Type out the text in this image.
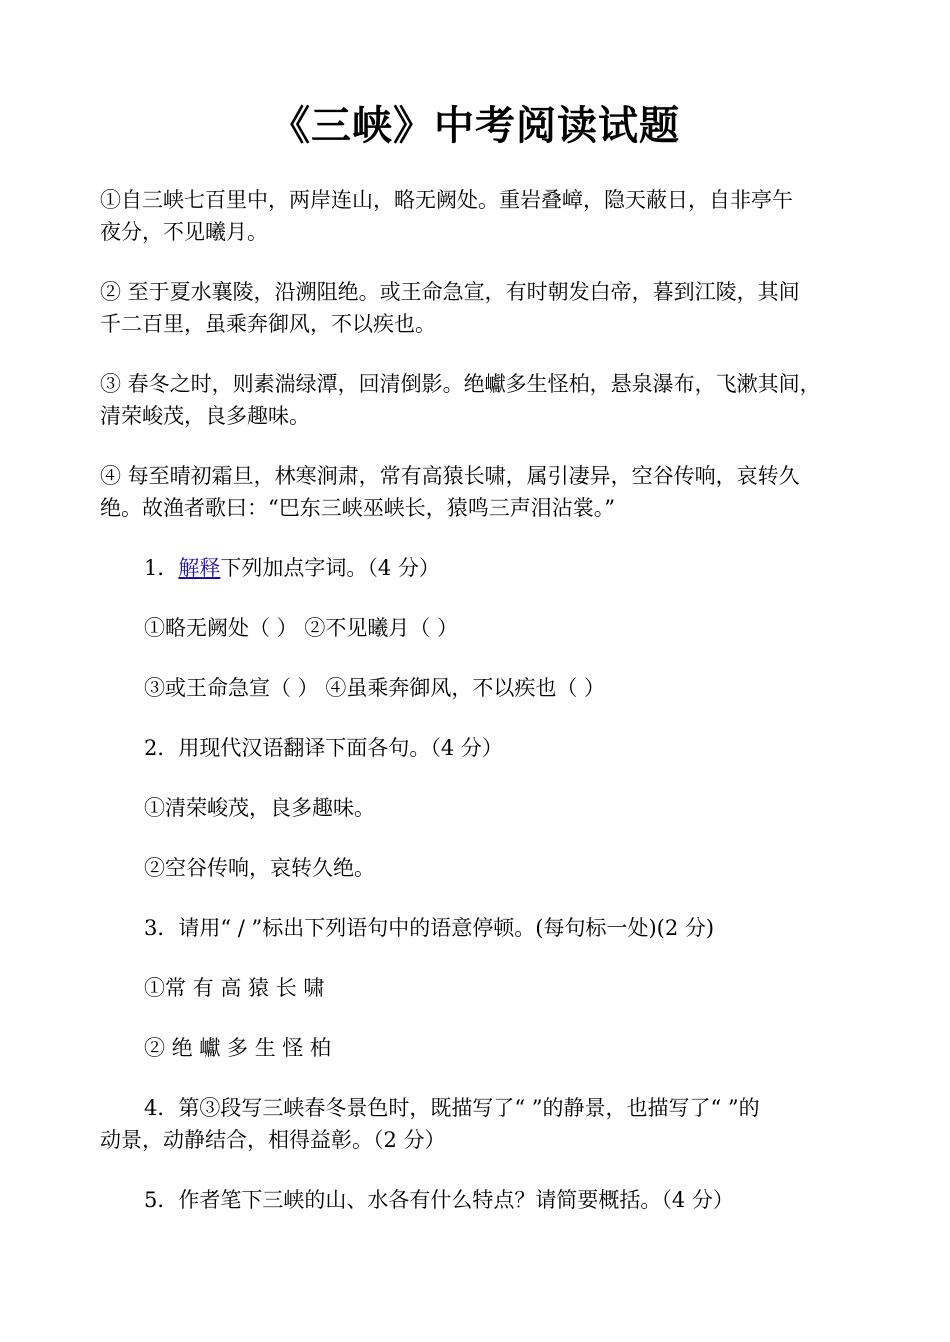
《三峡》中考阅读试题
①自三峡七百里中，两岸连山，略无阙处。重岩叠嶂，隐天蔽日，自非亭午
夜分，不见曦月。
② 至于夏水襄陵，沿溯阻绝。或王命急宣，有时朝发白帝，暮到江陵，其间
千二百里，虽乘奔御风，不以疾也。
③ 春冬之时，则素湍绿潭，回清倒影。绝巘多生怪柏，悬泉瀑布，飞漱其间，
清荣峻茂，良多趣味。
④ 每至晴初霜旦，林寒涧肃，常有高猿长啸，属引凄异，空谷传响，哀转久
绝。故渔者歌曰：“巴东三峡巫峡长，猿鸣三声泪沾裳。”
1．解释下列加点字词。（4 分）
①略无阙处（ ） ②不见曦月（ ）
③或王命急宣（ ） ④虽乘奔御风，不以疾也（ ）
2．用现代汉语翻译下面各句。（4 分）
①清荣峻茂，良多趣味。
②空谷传响，哀转久绝。
3．请用“ / ”标出下列语句中的语意停顿。(每句标一处)(2 分)
①常 有 高 猿 长 啸
② 绝 巘 多 生 怪 柏
4．第③段写三峡春冬景色时，既描写了“ ”的静景，也描写了“ ”的
动景，动静结合，相得益彰。（2 分）
5．作者笔下三峡的山、水各有什么特点？请简要概括。（4 分）
